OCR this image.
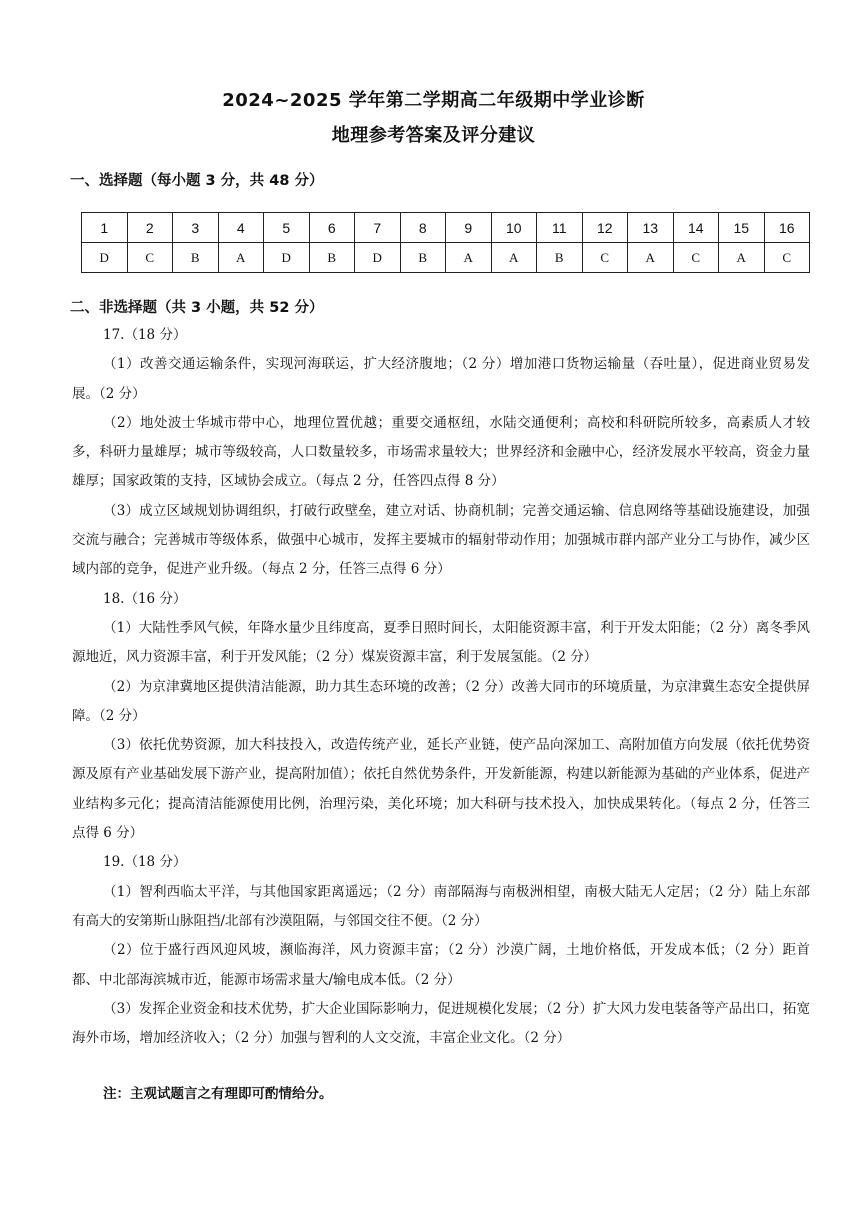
2024~2025 学年第二学期高二年级期中学业诊断
地理参考答案及评分建议
一、选择题（每小题 3 分，共 48 分）
1	2	3	4	5	6	7	8	9	10	11	12	13	14	15	16
D	C	B	A	D	B	D	B	A	A	B	C	A	C	A	C
二、非选择题（共 3 小题，共 52 分）

17.（18 分）

（1）改善交通运输条件，实现河海联运，扩大经济腹地；（2 分）增加港口货物运输量（吞吐量），促进商业贸易发展。（2 分）

（2）地处波士华城市带中心，地理位置优越；重要交通枢纽，水陆交通便利；高校和科研院所较多，高素质人才较多，科研力量雄厚；城市等级较高，人口数量较多，市场需求量较大；世界经济和金融中心，经济发展水平较高，资金力量雄厚；国家政策的支持，区域协会成立。（每点 2 分，任答四点得 8 分）

（3）成立区域规划协调组织，打破行政壁垒，建立对话、协商机制；完善交通运输、信息网络等基础设施建设，加强交流与融合；完善城市等级体系，做强中心城市，发挥主要城市的辐射带动作用；加强城市群内部产业分工与协作，减少区域内部的竞争，促进产业升级。（每点 2 分，任答三点得 6 分）

18.（16 分）

（1）大陆性季风气候，年降水量少且纬度高，夏季日照时间长，太阳能资源丰富，利于开发太阳能；（2 分）离冬季风源地近，风力资源丰富，利于开发风能；（2 分）煤炭资源丰富，利于发展氢能。（2 分）

（2）为京津冀地区提供清洁能源，助力其生态环境的改善；（2 分）改善大同市的环境质量，为京津冀生态安全提供屏障。（2 分）

（3）依托优势资源，加大科技投入，改造传统产业，延长产业链，使产品向深加工、高附加值方向发展（依托优势资源及原有产业基础发展下游产业，提高附加值）；依托自然优势条件，开发新能源，构建以新能源为基础的产业体系，促进产业结构多元化；提高清洁能源使用比例，治理污染，美化环境；加大科研与技术投入，加快成果转化。（每点 2 分，任答三点得 6 分）

19.（18 分）

（1）智利西临太平洋，与其他国家距离遥远；（2 分）南部隔海与南极洲相望，南极大陆无人定居；（2 分）陆上东部有高大的安第斯山脉阻挡/北部有沙漠阻隔，与邻国交往不便。（2 分）

（2）位于盛行西风迎风坡，濒临海洋，风力资源丰富；（2 分）沙漠广阔，土地价格低，开发成本低；（2 分）距首都、中北部海滨城市近，能源市场需求量大/输电成本低。（2 分）

（3）发挥企业资金和技术优势，扩大企业国际影响力，促进规模化发展；（2 分）扩大风力发电装备等产品出口，拓宽海外市场，增加经济收入；（2 分）加强与智利的人文交流，丰富企业文化。（2 分）

注：主观试题言之有理即可酌情给分。
